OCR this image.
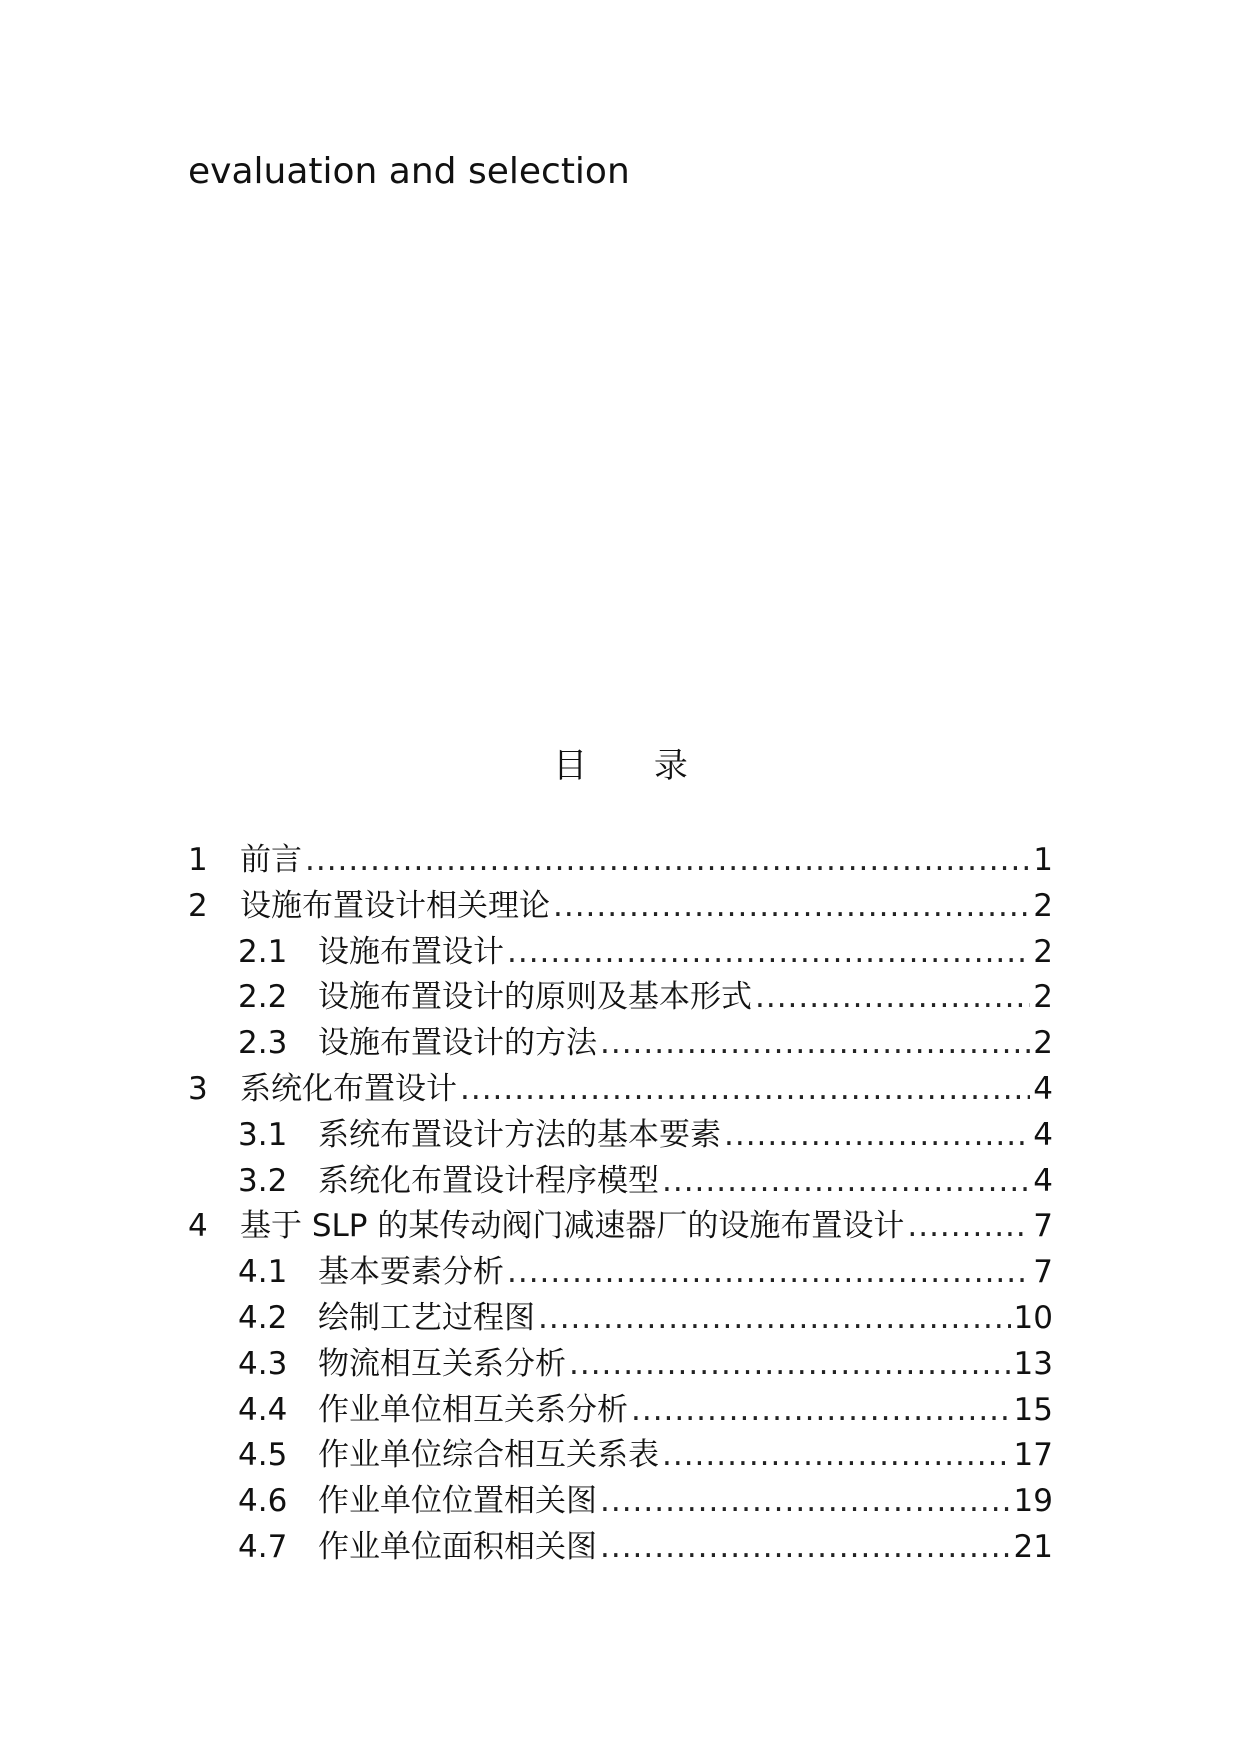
evaluation and selection
目 录
1	前言 .....	1
2	设施布置设计相关理论 .....	2
2.1 设施布置设计 .....	2
2.2 设施布置设计的原则及基本形式 .....	2
2.3 设施布置设计的方法 .....	2
3	系统化布置设计 .....	4
3.1 系统布置设计方法的基本要素 .....	4
3.2 系统化布置设计程序模型 .....	4
4	基于 SLP 的某传动阀门减速器厂的设施布置设计 .....	7
4.1 基本要素分析 .....	7
4.2 绘制工艺过程图 .....	10
4.3 物流相互关系分析 .....	13
4.4 作业单位相互关系分析 .....	15
4.5 作业单位综合相互关系表 .....	17
4.6 作业单位位置相关图 .....	19
4.7 作业单位面积相关图 .....	21
